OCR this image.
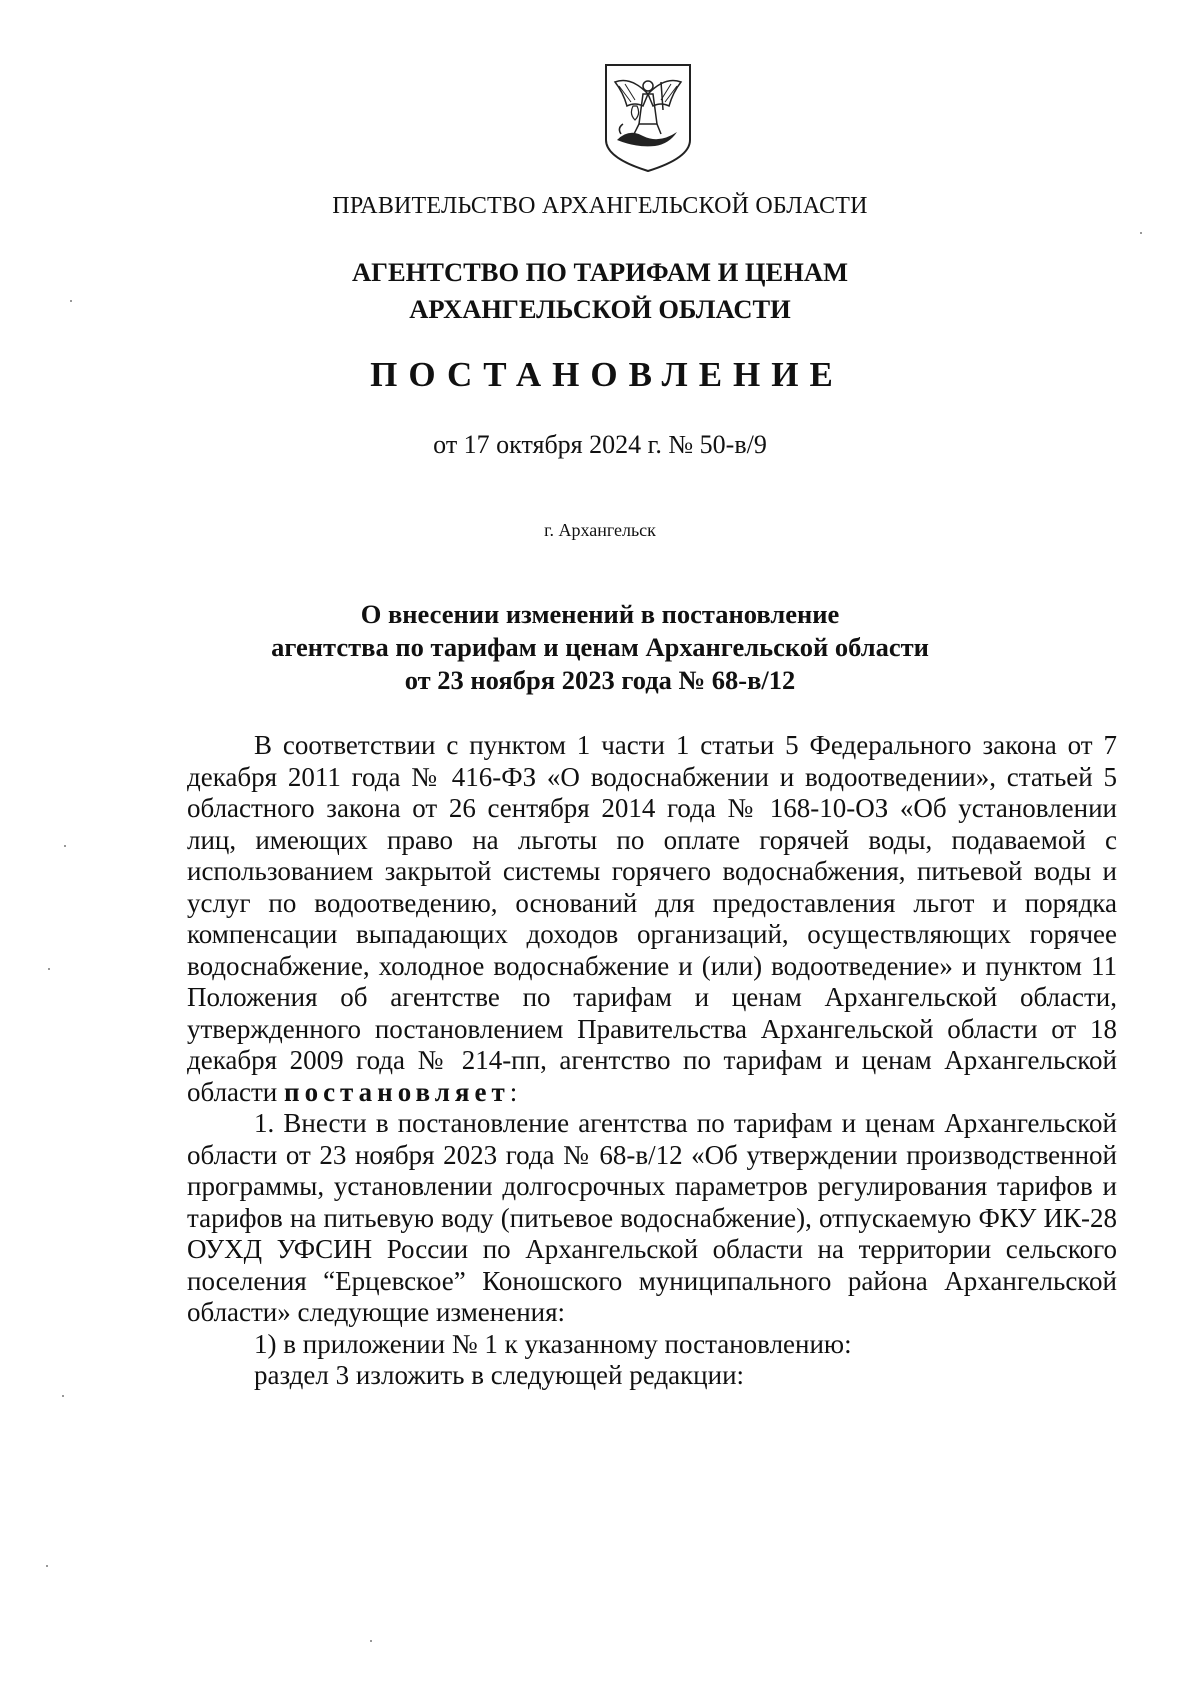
ПРАВИТЕЛЬСТВО АРХАНГЕЛЬСКОЙ ОБЛАСТИ
АГЕНТСТВО ПО ТАРИФАМ И ЦЕНАМ
АРХАНГЕЛЬСКОЙ ОБЛАСТИ
ПОСТАНОВЛЕНИЕ
от 17 октября 2024 г. № 50-в/9
г. Архангельск
О внесении изменений в постановление
агентства по тарифам и ценам Архангельской области
от 23 ноября 2023 года № 68-в/12

В соответствии с пунктом 1 части 1 статьи 5 Федерального закона от 7 декабря 2011 года № 416-ФЗ «О водоснабжении и водоотведении», статьей 5 областного закона от 26 сентября 2014 года № 168-10-ОЗ «Об установлении лиц, имеющих право на льготы по оплате горячей воды, подаваемой с использованием закрытой системы горячего водоснабжения, питьевой воды и услуг по водоотведению, оснований для предоставления льгот и порядка компенсации выпадающих доходов организаций, осуществляющих горячее водоснабжение, холодное водоснабжение и (или) водоотведение» и пунктом 11 Положения об агентстве по тарифам и ценам Архангельской области, утвержденного постановлением Правительства Архангельской области от 18 декабря 2009 года № 214-пп, агентство по тарифам и ценам Архангельской области постановляет:

1. Внести в постановление агентства по тарифам и ценам Архангельской области от 23 ноября 2023 года № 68-в/12 «Об утверждении производственной программы, установлении долгосрочных параметров регулирования тарифов и тарифов на питьевую воду (питьевое водоснабжение), отпускаемую ФКУ ИК-28 ОУХД УФСИН России по Архангельской области на территории сельского поселения “Ерцевское” Коношского муниципального района Архангельской области» следующие изменения:

1) в приложении № 1 к указанному постановлению:

раздел 3 изложить в следующей редакции:
